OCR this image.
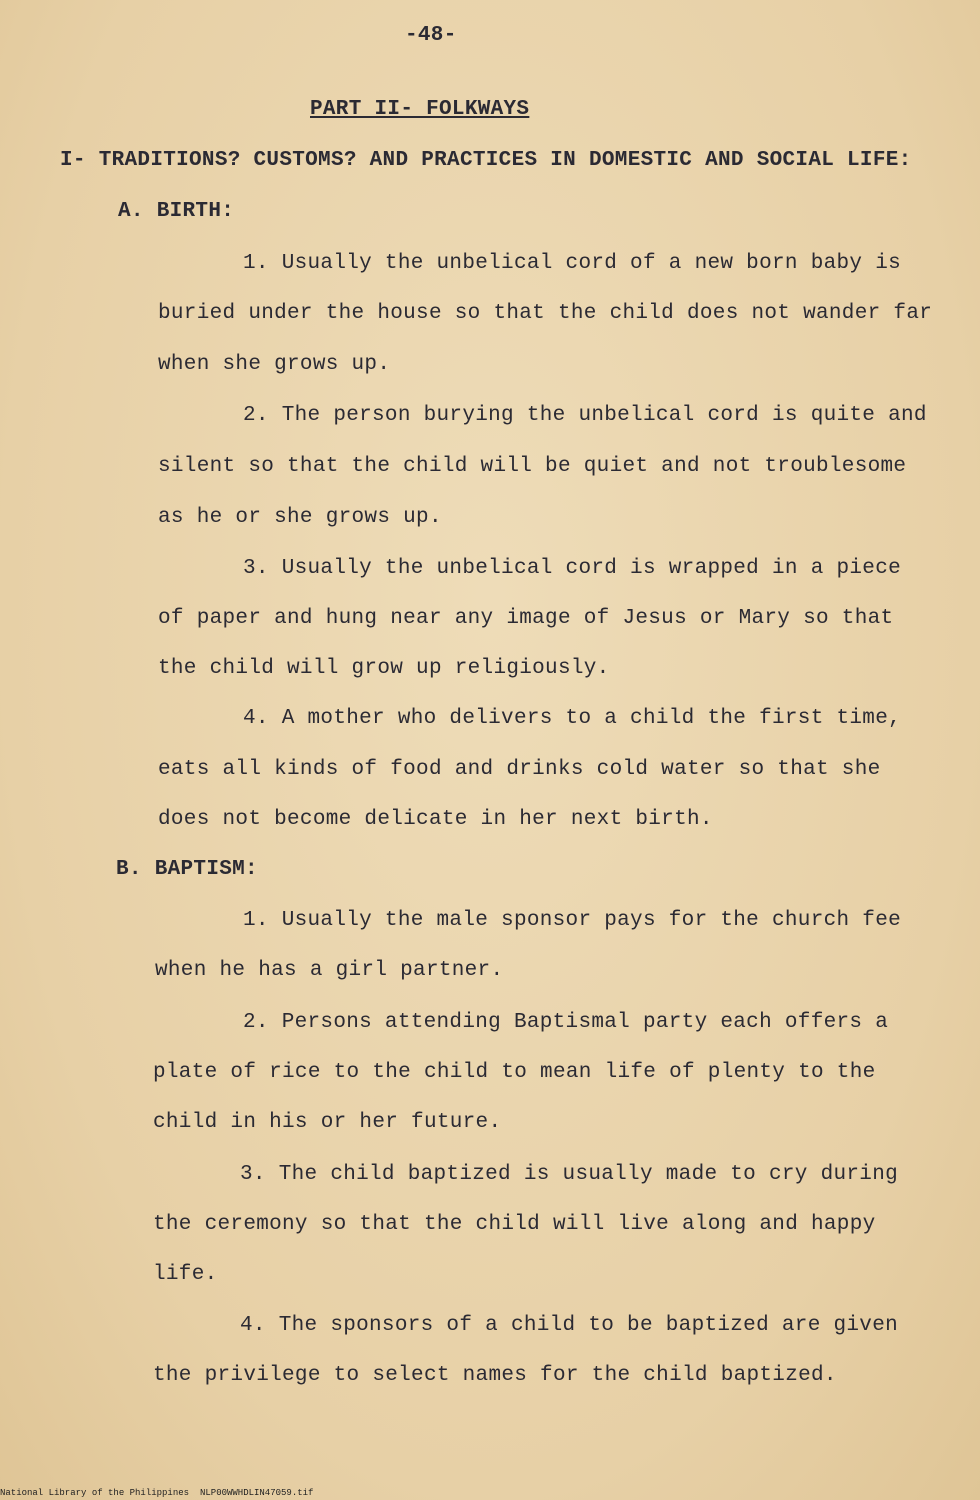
-48-
PART II- FOLKWAYS
I- TRADITIONS? CUSTOMS? AND PRACTICES IN DOMESTIC AND SOCIAL LIFE:
A. BIRTH:
1. Usually the unbelical cord of a new born baby is
buried under the house so that the child does not wander far
when she grows up.
2. The person burying the unbelical cord is quite and
silent so that the child will be quiet and not troublesome
as he or she grows up.
3. Usually the unbelical cord is wrapped in a piece
of paper and hung near any image of Jesus or Mary so that
the child will grow up religiously.
4. A mother who delivers to a child the first time,
eats all kinds of food and drinks cold water so that she
does not become delicate in her next birth.
B. BAPTISM:
1. Usually the male sponsor pays for the church fee
when he has a girl partner.
2. Persons attending Baptismal party each offers a
plate of rice to the child to mean life of plenty to the
child in his or her future.
3. The child baptized is usually made to cry during
the ceremony so that the child will live along and happy
life.
4. The sponsors of a child to be baptized are given
the privilege to select names for the child baptized.
National Library of the Philippines NLP00WWHDLIN47059.tif
